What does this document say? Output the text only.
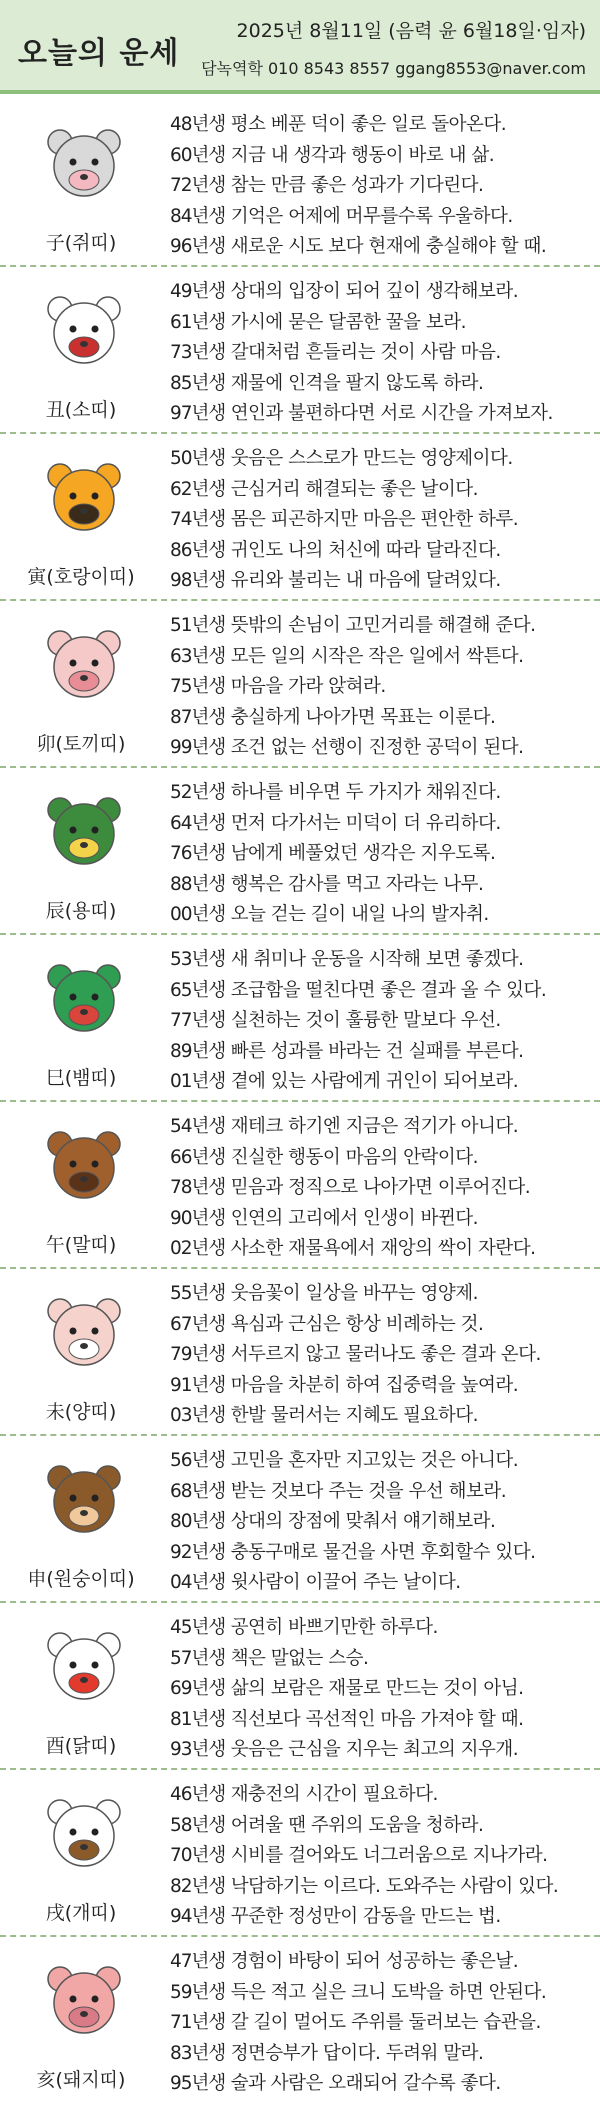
오늘의 운세
2025년 8월11일 (음력 윤 6월18일·임자)
담녹역학 010 8543 8557 ggang8553@naver.com
子(쥐띠)
48년생 평소 베푼 덕이 좋은 일로 돌아온다.
60년생 지금 내 생각과 행동이 바로 내 삶.
72년생 참는 만큼 좋은 성과가 기다린다.
84년생 기억은 어제에 머무를수록 우울하다.
96년생 새로운 시도 보다 현재에 충실해야 할 때.
丑(소띠)
49년생 상대의 입장이 되어 깊이 생각해보라.
61년생 가시에 묻은 달콤한 꿀을 보라.
73년생 갈대처럼 흔들리는 것이 사람 마음.
85년생 재물에 인격을 팔지 않도록 하라.
97년생 연인과 불편하다면 서로 시간을 가져보자.
寅(호랑이띠)
50년생 웃음은 스스로가 만드는 영양제이다.
62년생 근심거리 해결되는 좋은 날이다.
74년생 몸은 피곤하지만 마음은 편안한 하루.
86년생 귀인도 나의 처신에 따라 달라진다.
98년생 유리와 불리는 내 마음에 달려있다.
卯(토끼띠)
51년생 뜻밖의 손님이 고민거리를 해결해 준다.
63년생 모든 일의 시작은 작은 일에서 싹튼다.
75년생 마음을 가라 앉혀라.
87년생 충실하게 나아가면 목표는 이룬다.
99년생 조건 없는 선행이 진정한 공덕이 된다.
辰(용띠)
52년생 하나를 비우면 두 가지가 채워진다.
64년생 먼저 다가서는 미덕이 더 유리하다.
76년생 남에게 베풀었던 생각은 지우도록.
88년생 행복은 감사를 먹고 자라는 나무.
00년생 오늘 걷는 길이 내일 나의 발자취.
巳(뱀띠)
53년생 새 취미나 운동을 시작해 보면 좋겠다.
65년생 조급함을 떨친다면 좋은 결과 올 수 있다.
77년생 실천하는 것이 훌륭한 말보다 우선.
89년생 빠른 성과를 바라는 건 실패를 부른다.
01년생 곁에 있는 사람에게 귀인이 되어보라.
午(말띠)
54년생 재테크 하기엔 지금은 적기가 아니다.
66년생 진실한 행동이 마음의 안락이다.
78년생 믿음과 정직으로 나아가면 이루어진다.
90년생 인연의 고리에서 인생이 바뀐다.
02년생 사소한 재물욕에서 재앙의 싹이 자란다.
未(양띠)
55년생 웃음꽃이 일상을 바꾸는 영양제.
67년생 욕심과 근심은 항상 비례하는 것.
79년생 서두르지 않고 물러나도 좋은 결과 온다.
91년생 마음을 차분히 하여 집중력을 높여라.
03년생 한발 물러서는 지혜도 필요하다.
申(원숭이띠)
56년생 고민을 혼자만 지고있는 것은 아니다.
68년생 받는 것보다 주는 것을 우선 해보라.
80년생 상대의 장점에 맞춰서 얘기해보라.
92년생 충동구매로 물건을 사면 후회할수 있다.
04년생 윗사람이 이끌어 주는 날이다.
酉(닭띠)
45년생 공연히 바쁘기만한 하루다.
57년생 책은 말없는 스승.
69년생 삶의 보람은 재물로 만드는 것이 아님.
81년생 직선보다 곡선적인 마음 가져야 할 때.
93년생 웃음은 근심을 지우는 최고의 지우개.
戌(개띠)
46년생 재충전의 시간이 필요하다.
58년생 어려울 땐 주위의 도움을 청하라.
70년생 시비를 걸어와도 너그러움으로 지나가라.
82년생 낙담하기는 이르다. 도와주는 사람이 있다.
94년생 꾸준한 정성만이 감동을 만드는 법.
亥(돼지띠)
47년생 경험이 바탕이 되어 성공하는 좋은날.
59년생 득은 적고 실은 크니 도박을 하면 안된다.
71년생 갈 길이 멀어도 주위를 둘러보는 습관을.
83년생 정면승부가 답이다. 두려워 말라.
95년생 술과 사람은 오래되어 갈수록 좋다.
